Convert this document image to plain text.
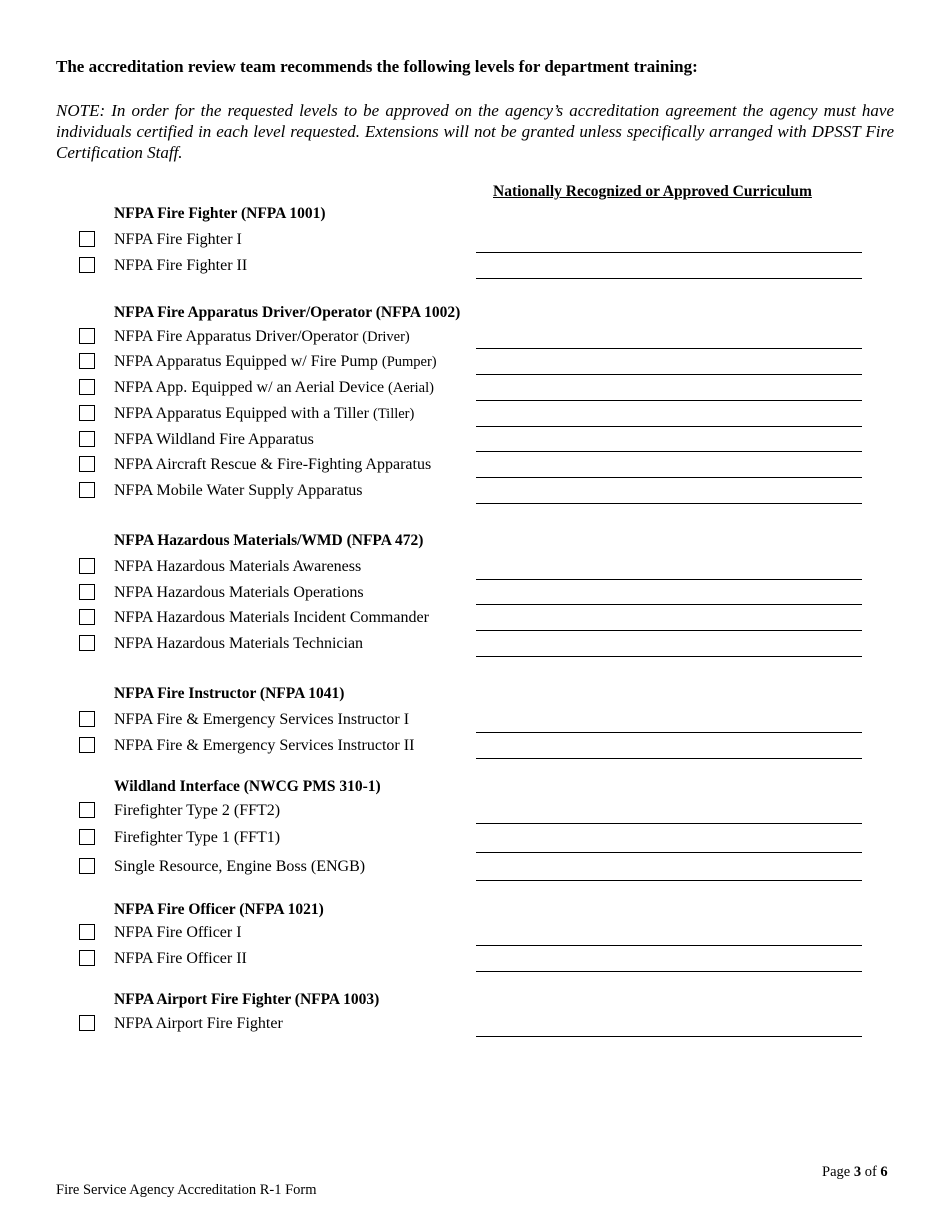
The accreditation review team recommends the following levels for department training:
NOTE: In order for the requested levels to be approved on the agency’s accreditation agreement the agency must have individuals certified in each level requested. Extensions will not be granted unless specifically arranged with DPSST Fire Certification Staff.
Nationally Recognized or Approved Curriculum
NFPA Fire Fighter (NFPA 1001)
NFPA Fire Fighter I
NFPA Fire Fighter II
NFPA Fire Apparatus Driver/Operator (NFPA 1002)
NFPA Fire Apparatus Driver/Operator (Driver)
NFPA Apparatus Equipped w/ Fire Pump (Pumper)
NFPA App. Equipped w/ an Aerial Device (Aerial)
NFPA Apparatus Equipped with a Tiller (Tiller)
NFPA Wildland Fire Apparatus
NFPA Aircraft Rescue & Fire-Fighting Apparatus
NFPA Mobile Water Supply Apparatus
NFPA Hazardous Materials/WMD (NFPA 472)
NFPA Hazardous Materials Awareness
NFPA Hazardous Materials Operations
NFPA Hazardous Materials Incident Commander
NFPA Hazardous Materials Technician
NFPA Fire Instructor (NFPA 1041)
NFPA Fire & Emergency Services Instructor I
NFPA Fire & Emergency Services Instructor II
Wildland Interface (NWCG PMS 310-1)
Firefighter Type 2 (FFT2)
Firefighter Type 1 (FFT1)
Single Resource, Engine Boss (ENGB)
NFPA Fire Officer (NFPA 1021)
NFPA Fire Officer I
NFPA Fire Officer II
NFPA Airport Fire Fighter (NFPA 1003)
NFPA Airport Fire Fighter
Page 3 of 6
Fire Service Agency Accreditation R-1 Form
